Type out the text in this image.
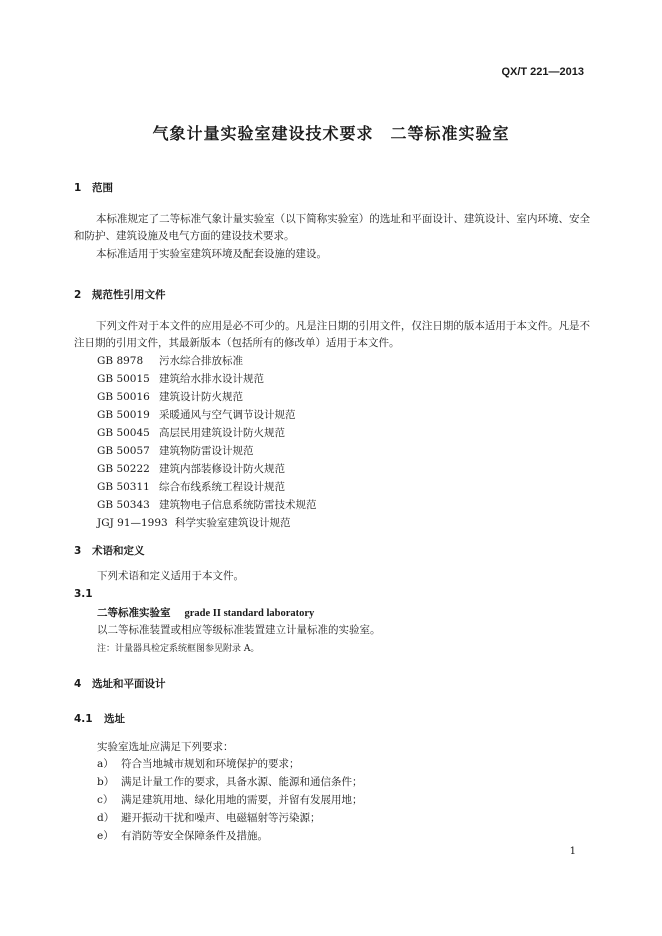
QX/T 221—2013
气象计量实验室建设技术要求　二等标准实验室
1 范围
本标准规定了二等标准气象计量实验室（以下简称实验室）的选址和平面设计、建筑设计、室内环境、安全和防护、建筑设施及电气方面的建设技术要求。
本标准适用于实验室建筑环境及配套设施的建设。
2 规范性引用文件
下列文件对于本文件的应用是必不可少的。凡是注日期的引用文件，仅注日期的版本适用于本文件。凡是不注日期的引用文件，其最新版本（包括所有的修改单）适用于本文件。
GB 8978 污水综合排放标准
GB 50015 建筑给水排水设计规范
GB 50016 建筑设计防火规范
GB 50019 采暖通风与空气调节设计规范
GB 50045 高层民用建筑设计防火规范
GB 50057 建筑物防雷设计规范
GB 50222 建筑内部装修设计防火规范
GB 50311 综合布线系统工程设计规范
GB 50343 建筑物电子信息系统防雷技术规范
JGJ 91—1993 科学实验室建筑设计规范
3 术语和定义
下列术语和定义适用于本文件。
3.1
二等标准实验室 grade II standard laboratory
以二等标准装置或相应等级标准装置建立计量标准的实验室。
注：计量器具检定系统框图参见附录 A。
4 选址和平面设计
4.1 选址
实验室选址应满足下列要求：
a） 符合当地城市规划和环境保护的要求；
b） 满足计量工作的要求，具备水源、能源和通信条件；
c） 满足建筑用地、绿化用地的需要，并留有发展用地；
d） 避开振动干扰和噪声、电磁辐射等污染源；
e） 有消防等安全保障条件及措施。
1
